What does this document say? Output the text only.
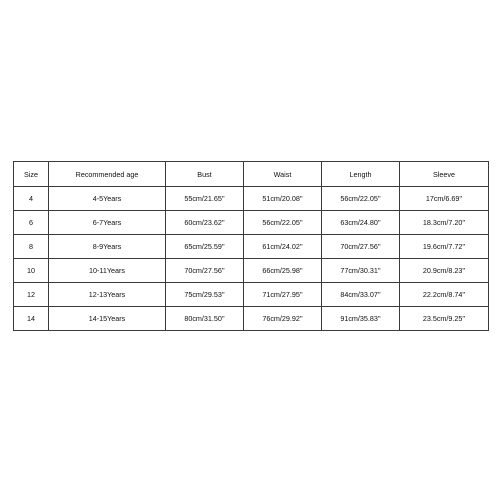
Size	Recommended age	Bust	Waist	Length	Sleeve
4	4-5Years	55cm/21.65''	51cm/20.08''	56cm/22.05''	17cm/6.69''
6	6-7Years	60cm/23.62''	56cm/22.05''	63cm/24.80''	18.3cm/7.20''
8	8-9Years	65cm/25.59''	61cm/24.02''	70cm/27.56''	19.6cm/7.72''
10	10-11Years	70cm/27.56''	66cm/25.98''	77cm/30.31''	20.9cm/8.23''
12	12-13Years	75cm/29.53''	71cm/27.95''	84cm/33.07''	22.2cm/8.74''
14	14-15Years	80cm/31.50''	76cm/29.92''	91cm/35.83''	23.5cm/9.25''
